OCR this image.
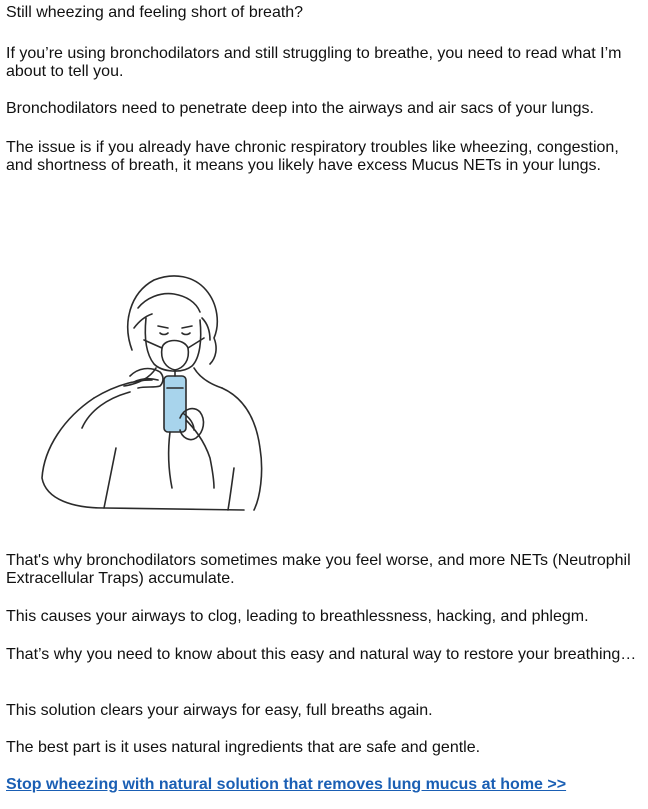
Still wheezing and feeling short of breath?

If you’re using bronchodilators and still struggling to breathe, you need to read what I’m about to tell you.

Bronchodilators need to penetrate deep into the airways and air sacs of your lungs.

The issue is if you already have chronic respiratory troubles like wheezing, congestion, and shortness of breath, it means you likely have excess Mucus NETs in your lungs.

That's why bronchodilators sometimes make you feel worse, and more NETs (Neutrophil Extracellular Traps) accumulate.

This causes your airways to clog, leading to breathlessness, hacking, and phlegm.

That’s why you need to know about this easy and natural way to restore your breathing…

This solution clears your airways for easy, full breaths again.

The best part is it uses natural ingredients that are safe and gentle.

Stop wheezing with natural solution that removes lung mucus at home >>
